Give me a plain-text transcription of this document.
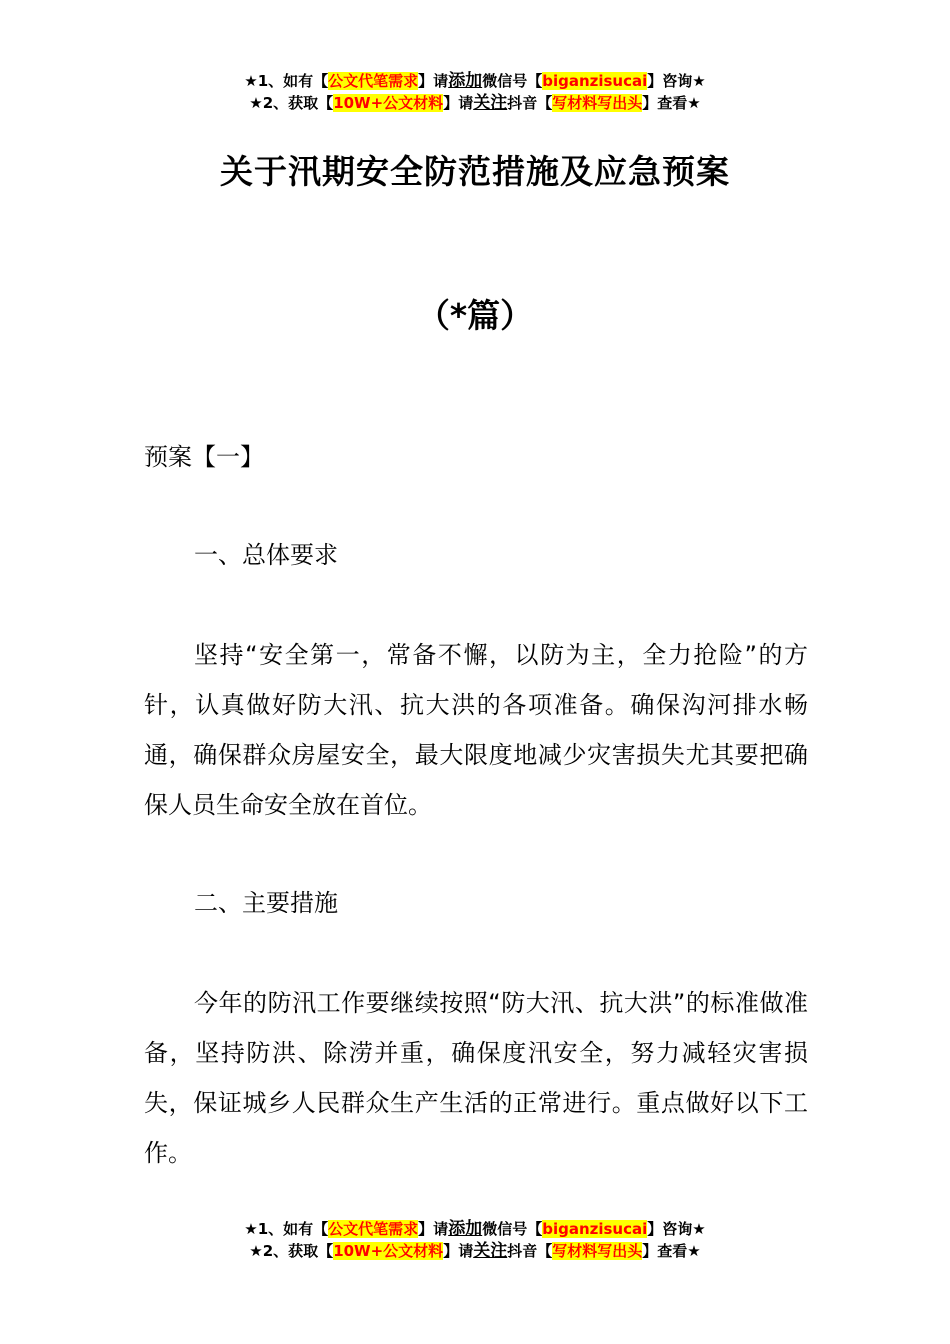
★1、如有【公文代笔需求】请添加微信号【biganzisucai】咨询★
★2、获取【10W+公文材料】请关注抖音【写材料写出头】查看★
关于汛期安全防范措施及应急预案
（*篇）

预案【一】

一、总体要求

坚持“安全第一，常备不懈，以防为主，全力抢险”的方针，认真做好防大汛、抗大洪的各项准备。确保沟河排水畅通，确保群众房屋安全，最大限度地减少灾害损失尤其要把确保人员生命安全放在首位。

二、主要措施

今年的防汛工作要继续按照“防大汛、抗大洪”的标准做准备，坚持防洪、除涝并重，确保度汛安全，努力减轻灾害损失，保证城乡人民群众生产生活的正常进行。重点做好以下工作。

★1、如有【公文代笔需求】请添加微信号【biganzisucai】咨询★
★2、获取【10W+公文材料】请关注抖音【写材料写出头】查看★
